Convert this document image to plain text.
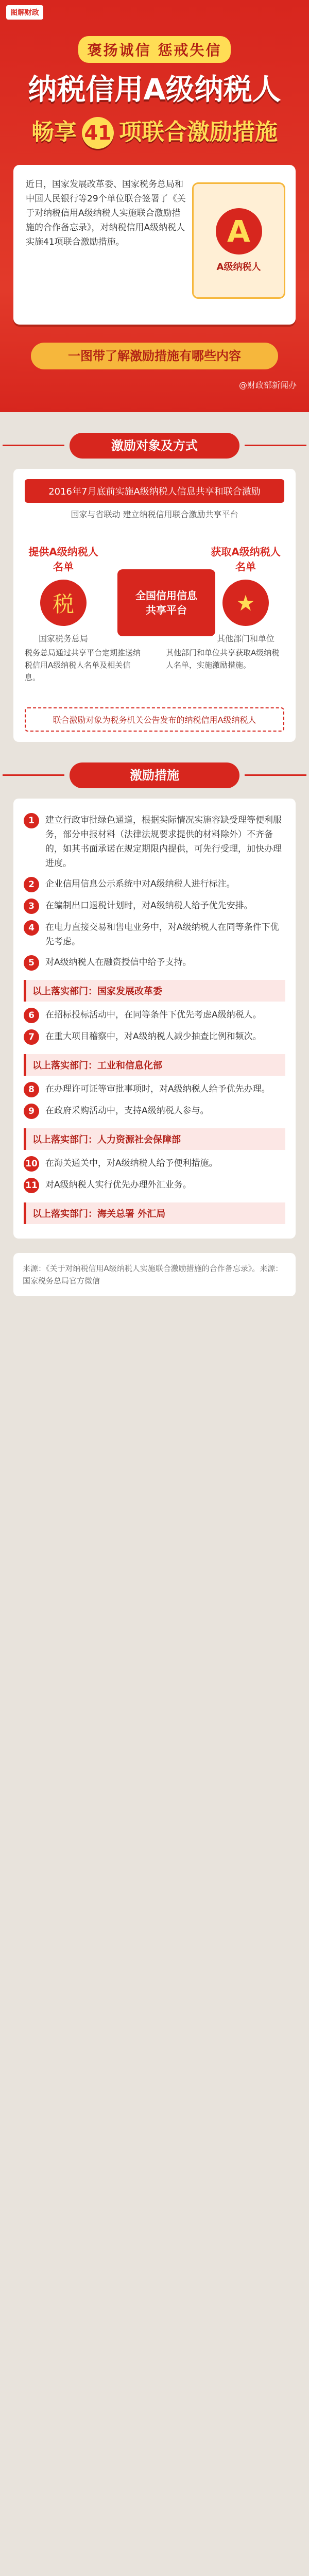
图解财政
褒扬诚信 惩戒失信
纳税信用A级纳税人
畅享 41 项联合激励措施
近日，国家发展改革委、国家税务总局和中国人民银行等29个单位联合签署了《关于对纳税信用A级纳税人实施联合激励措施的合作备忘录》，对纳税信用A级纳税人实施41项联合激励措施。	A
A级纳税人
一图带了解激励措施有哪些内容
@财政部新闻办
激励对象及方式
2016年7月底前实施A级纳税人信息共享和联合激励
国家与省联动 建立纳税信用联合激励共享平台
提供A级纳税人名单
税
国家税务总局
全国信用信息
共享平台
获取A级纳税人名单
★
其他部门和单位
税务总局通过共享平台定期推送纳税信用A级纳税人名单及相关信息。
其他部门和单位共享获取A级纳税人名单，实施激励措施。
联合激励对象为税务机关公告发布的纳税信用A级纳税人
激励措施
1	建立行政审批绿色通道，根据实际情况实施容缺受理等便利服务，部分申报材料（法律法规要求提供的材料除外）不齐备的，如其书面承诺在规定期限内提供，可先行受理，加快办理进度。
2	企业信用信息公示系统中对A级纳税人进行标注。
3	在编制出口退税计划时，对A级纳税人给予优先安排。
4	在电力直接交易和售电业务中，对A级纳税人在同等条件下优先考虑。
5	对A级纳税人在融资授信中给予支持。
以上落实部门：国家发展改革委
6	在招标投标活动中，在同等条件下优先考虑A级纳税人。
7	在重大项目稽察中，对A级纳税人减少抽查比例和频次。
以上落实部门：工业和信息化部
8	在办理许可证等审批事项时，对A级纳税人给予优先办理。
9	在政府采购活动中，支持A级纳税人参与。
以上落实部门：人力资源社会保障部
10 在海关通关中，对A级纳税人给予便利措施。
11 对A级纳税人实行优先办理外汇业务。
以上落实部门：海关总署 外汇局
来源：《关于对纳税信用A级纳税人实施联合激励措施的合作备忘录》。来源：国家税务总局官方微信
